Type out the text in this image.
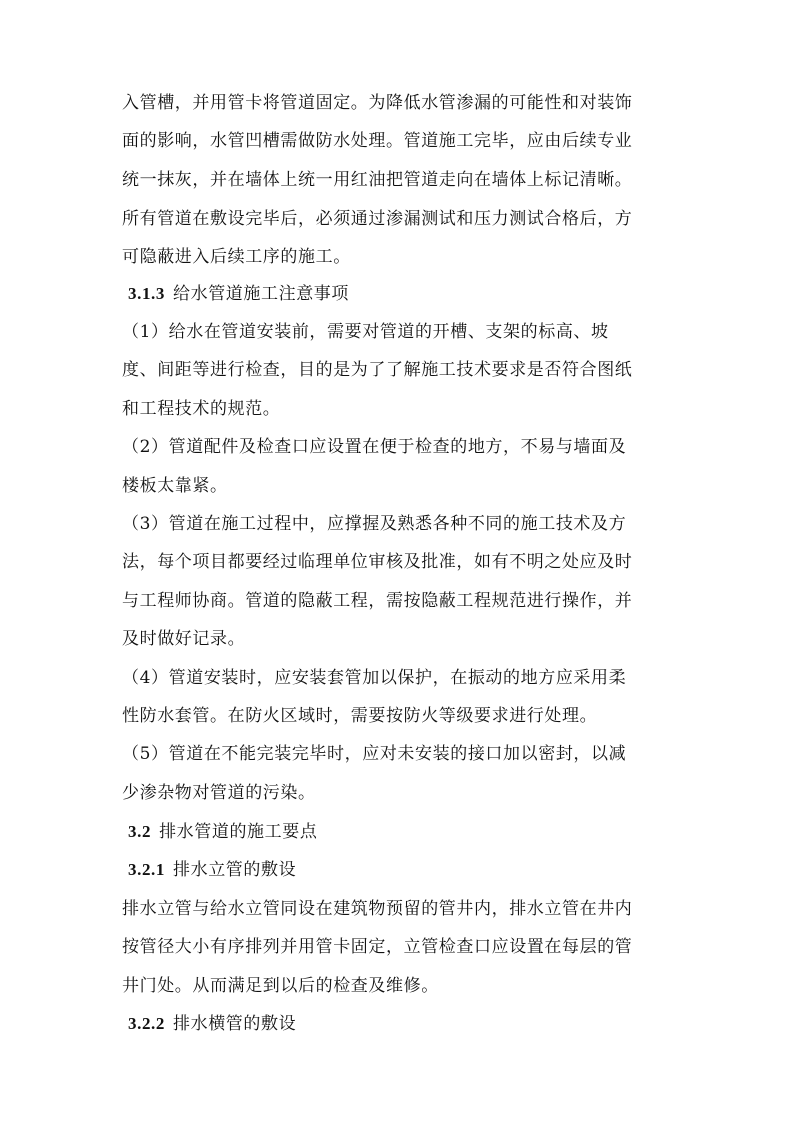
入管槽，并用管卡将管道固定。为降低水管渗漏的可能性和对装饰
面的影响，水管凹槽需做防水处理。管道施工完毕，应由后续专业
统一抹灰，并在墙体上统一用红油把管道走向在墙体上标记清晰。
所有管道在敷设完毕后，必须通过渗漏测试和压力测试合格后，方
可隐蔽进入后续工序的施工。
3.1.3 给水管道施工注意事项
（1）给水在管道安装前，需要对管道的开槽、支架的标高、坡
度、间距等进行检查，目的是为了了解施工技术要求是否符合图纸
和工程技术的规范。
（2）管道配件及检查口应设置在便于检查的地方，不易与墙面及
楼板太靠紧。
（3）管道在施工过程中，应撑握及熟悉各种不同的施工技术及方
法，每个项目都要经过临理单位审核及批准，如有不明之处应及时
与工程师协商。管道的隐蔽工程，需按隐蔽工程规范进行操作，并
及时做好记录。
（4）管道安装时，应安装套管加以保护，在振动的地方应采用柔
性防水套管。在防火区域时，需要按防火等级要求进行处理。
（5）管道在不能完装完毕时，应对未安装的接口加以密封，以减
少渗杂物对管道的污染。
3.2 排水管道的施工要点
3.2.1 排水立管的敷设
排水立管与给水立管同设在建筑物预留的管井内，排水立管在井内
按管径大小有序排列并用管卡固定，立管检查口应设置在每层的管
井门处。从而满足到以后的检查及维修。
3.2.2 排水横管的敷设
